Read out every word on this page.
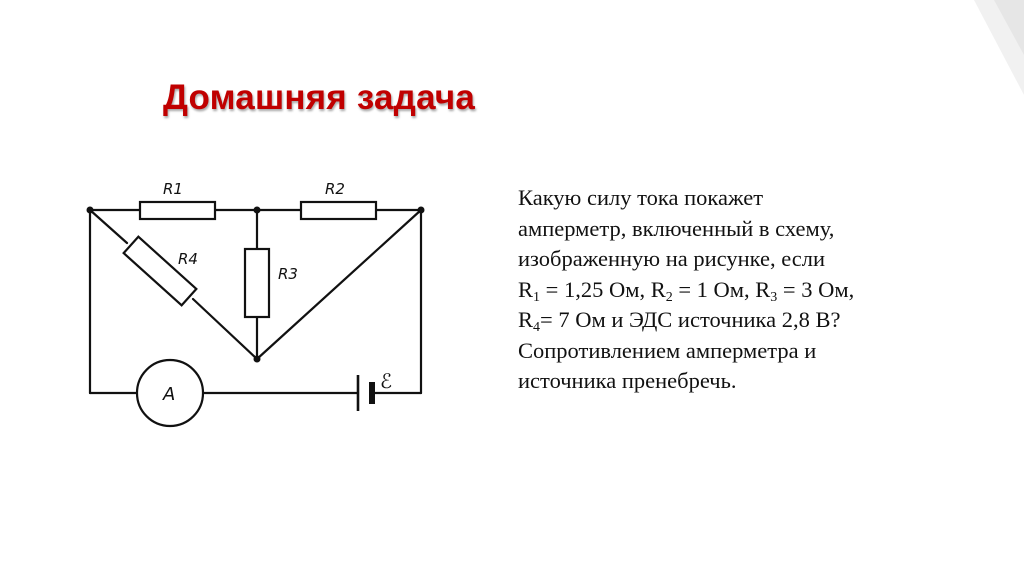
Домашняя задача
R1	R2
R3
R4
A
ℰ
Какую силу тока покажет
амперметр, включенный в схему,
изображенную на рисунке, если
$R_1 = 1,25$ Ом, $R_2 = 1$ Ом, $R_3 = 3$ Ом,
$R_4= 7$ Ом и ЭДС источника 2,8 В?
Сопротивлением амперметра и
источника пренебречь.
